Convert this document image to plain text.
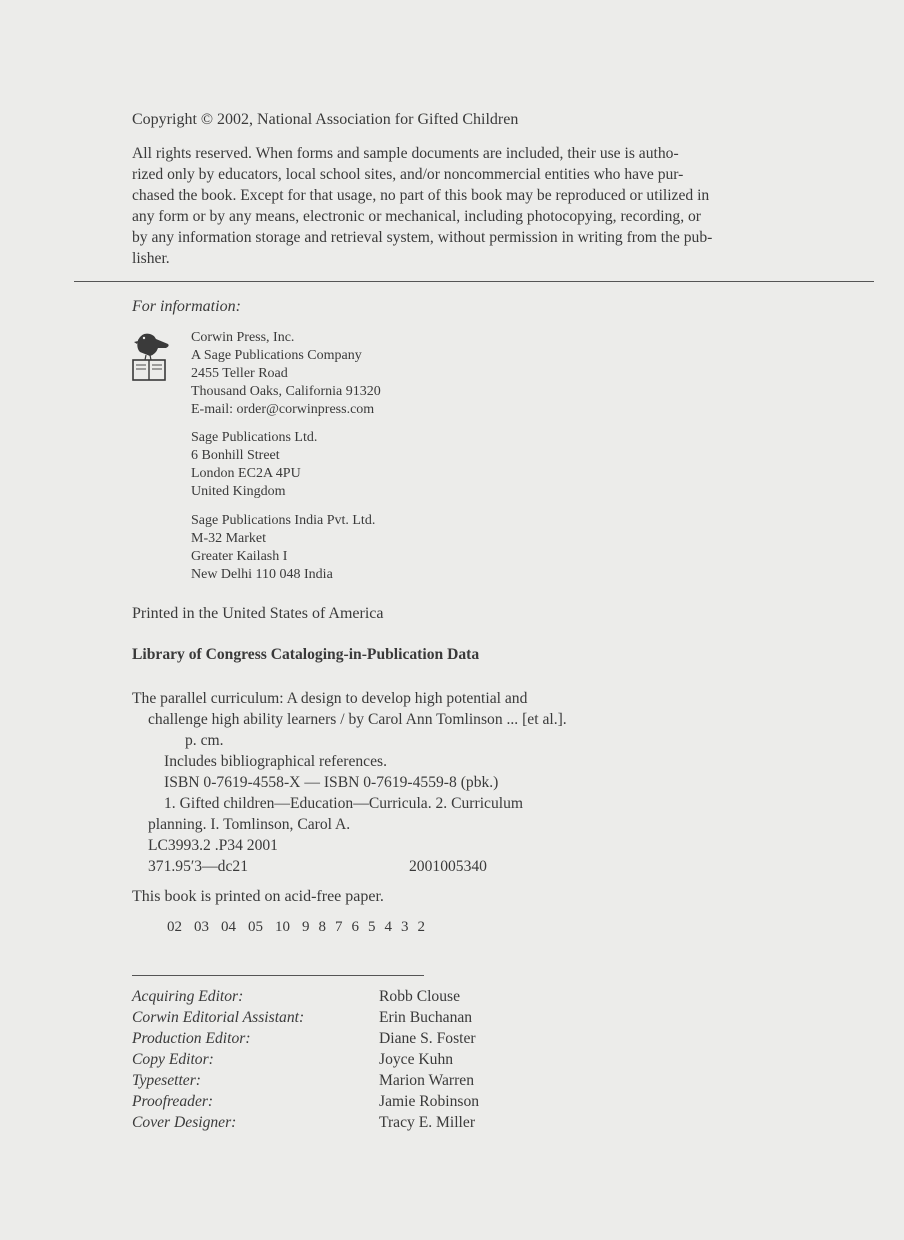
Copyright © 2002, National Association for Gifted Children
All rights reserved. When forms and sample documents are included, their use is autho-
rized only by educators, local school sites, and/or noncommercial entities who have pur-
chased the book. Except for that usage, no part of this book may be reproduced or utilized in
any form or by any means, electronic or mechanical, including photocopying, recording, or
by any information storage and retrieval system, without permission in writing from the pub-
lisher.
For information:
Corwin Press, Inc.
A Sage Publications Company
2455 Teller Road
Thousand Oaks, California 91320
E-mail: order@corwinpress.com
Sage Publications Ltd.
6 Bonhill Street
London EC2A 4PU
United Kingdom
Sage Publications India Pvt. Ltd.
M-32 Market
Greater Kailash I
New Delhi 110 048 India
Printed in the United States of America
Library of Congress Cataloging-in-Publication Data
The parallel curriculum: A design to develop high potential and
challenge high ability learners / by Carol Ann Tomlinson ... [et al.].
p. cm.
Includes bibliographical references.
ISBN 0-7619-4558-X — ISBN 0-7619-4559-8 (pbk.)
1. Gifted children—Education—Curricula. 2. Curriculum
planning. I. Tomlinson, Carol A.
LC3993.2 .P34 2001
371.95′3—dc21	2001005340
This book is printed on acid-free paper.
02 03 04 05 10 9 8 7 6 5 4 3 2
Acquiring Editor:	Robb Clouse
Corwin Editorial Assistant:	Erin Buchanan
Production Editor:	Diane S. Foster
Copy Editor:	Joyce Kuhn
Typesetter:	Marion Warren
Proofreader:	Jamie Robinson
Cover Designer:	Tracy E. Miller
